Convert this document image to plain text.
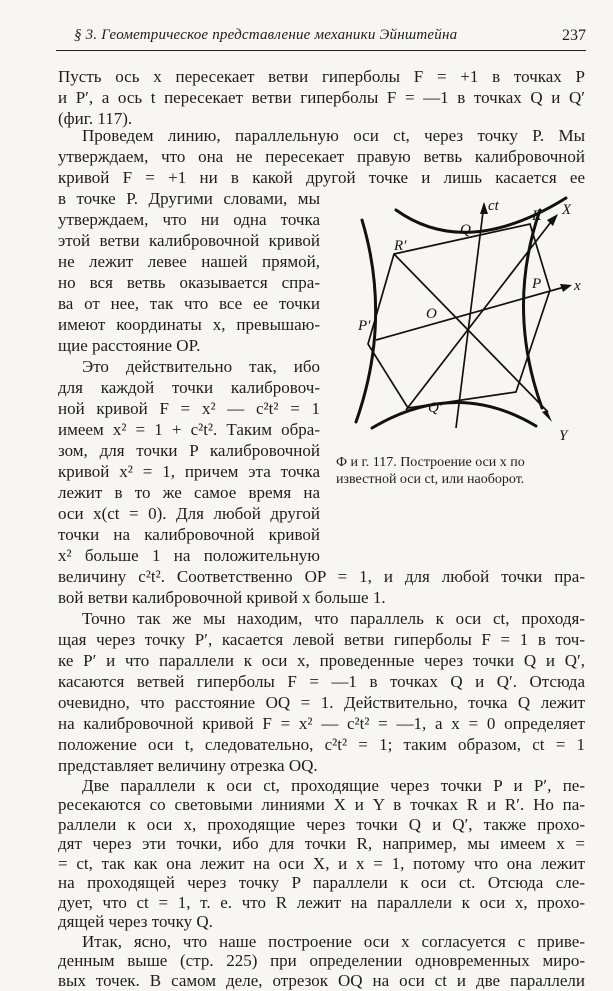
§ 3. Геометрическое представление механики Эйнштейна	237
Пусть ось x пересекает ветви гиперболы F = +1 в точках P
и P′, а ось t пересекает ветви гиперболы F = —1 в точках Q и Q′
(фиг. 117).
Проведем линию, параллельную оси ct, через точку P. Мы
утверждаем, что она не пересекает правую ветвь калибровочной
кривой F = +1 ни в какой другой точке и лишь касается ее
в точке P. Другими словами, мы
утверждаем, что ни одна точка
этой ветви калибровочной кривой
не лежит левее нашей прямой,
но вся ветвь оказывается спра-
ва от нее, так что все ее точки
имеют координаты x, превышаю-
щие расстояние OP.
Это действительно так, ибо
для каждой точки калибровоч-
ной кривой F = x² — c²t² = 1
имеем x² = 1 + c²t². Таким обра-
зом, для точки P калибровочной
кривой x² = 1, причем эта точка
лежит в то же самое время на
оси x(ct = 0). Для любой другой
точки на калибровочной кривой
x² больше 1 на положительную
величину c²t². Соответственно OP = 1, и для любой точки пра-
вой ветви калибровочной кривой x больше 1.
Точно так же мы находим, что параллель к оси ct, проходя-
щая через точку P′, касается левой ветви гиперболы F = 1 в точ-
ке P′ и что параллели к оси x, проведенные через точки Q и Q′,
касаются ветвей гиперболы F = —1 в точках Q и Q′. Отсюда
очевидно, что расстояние OQ = 1. Действительно, точка Q лежит
на калибровочной кривой F = x² — c²t² = —1, а x = 0 определяет
положение оси t, следовательно, c²t² = 1; таким образом, ct = 1
представляет величину отрезка OQ.
Две параллели к оси ct, проходящие через точки P и P′, пе-
ресекаются со световыми линиями X и Y в точках R и R′. Но па-
раллели к оси x, проходящие через точки Q и Q′, также прохо-
дят через эти точки, ибо для точки R, например, мы имеем x =
= ct, так как она лежит на оси X, и x = 1, потому что она лежит
на проходящей через точку P параллели к оси ct. Отсюда сле-
дует, что ct = 1, т. е. что R лежит на параллели к оси x, прохо-
дящей через точку Q.
ct	X
x
Y
O
P
P′
Q
Q′
R
R′
Ф и г. 117. Построение оси x по
известной оси ct, или наоборот.
Итак, ясно, что наше построение оси x согласуется с приве-
денным выше (стр. 225) при определении одновременных миро-
вых точек. В самом деле, отрезок OQ на оси ct и две параллели
